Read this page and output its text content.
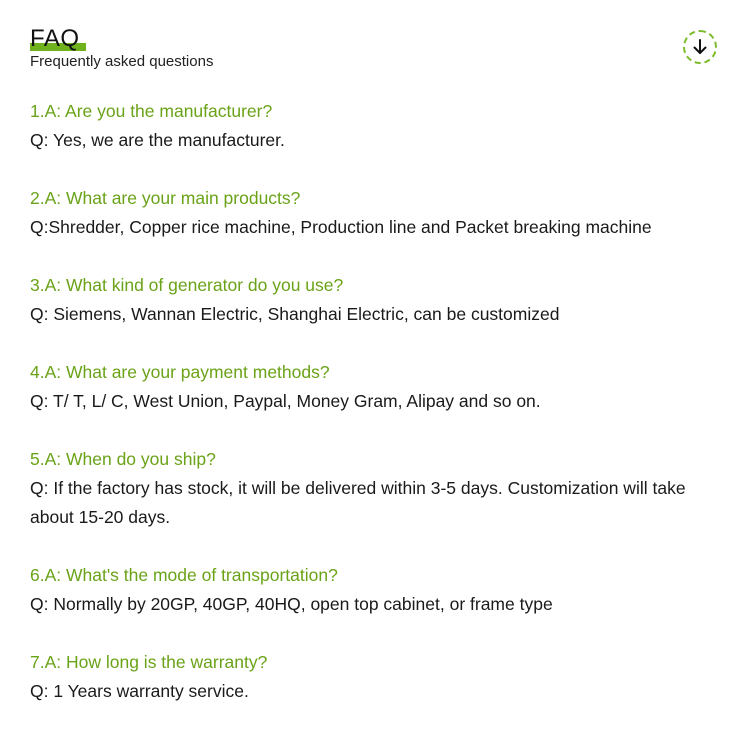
FAQ
Frequently asked questions
1.A: Are you the manufacturer?
Q: Yes, we are the manufacturer.
2.A: What are your main products?
Q:Shredder, Copper rice machine, Production line and Packet breaking machine
3.A: What kind of generator do you use?
Q: Siemens, Wannan Electric, Shanghai Electric, can be customized
4.A: What are your payment methods?
Q: T/ T, L/ C, West Union, Paypal, Money Gram, Alipay and so on.
5.A: When do you ship?
Q: If the factory has stock, it will be delivered within 3-5 days. Customization will take about 15-20 days.
6.A: What's the mode of transportation?
Q: Normally by 20GP, 40GP, 40HQ, open top cabinet, or frame type
7.A: How long is the warranty?
Q: 1 Years warranty service.
